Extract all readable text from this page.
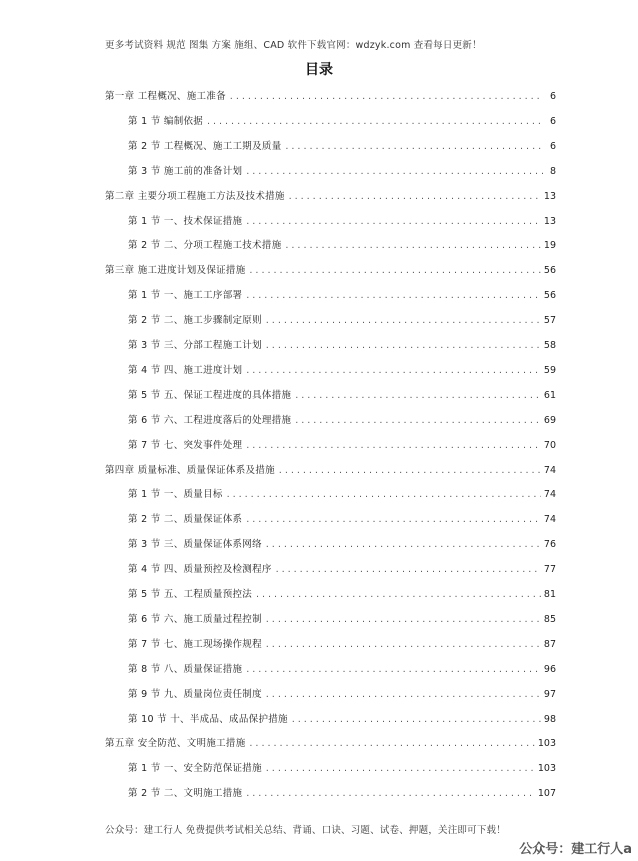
更多考试资料 规范 图集 方案 施组、CAD 软件下载官网：wdzyk.com 查看每日更新！
目录
第一章 工程概况、施工准备 .....	6
第 1 节 编制依据 .....	6
第 2 节 工程概况、施工工期及质量 .....	6
第 3 节 施工前的准备计划 .....	8
第二章 主要分项工程施工方法及技术措施 .....	13
第 1 节 一、技术保证措施 .....	13
第 2 节 二、分项工程施工技术措施 .....	19
第三章 施工进度计划及保证措施 .....	56
第 1 节 一、施工工序部署 .....	56
第 2 节 二、施工步骤制定原则 .....	57
第 3 节 三、分部工程施工计划 .....	58
第 4 节 四、施工进度计划 .....	59
第 5 节 五、保证工程进度的具体措施 .....	61
第 6 节 六、工程进度落后的处理措施 .....	69
第 7 节 七、突发事件处理 .....	70
第四章 质量标准、质量保证体系及措施 .....	74
第 1 节 一、质量目标 .....	74
第 2 节 二、质量保证体系 .....	74
第 3 节 三、质量保证体系网络 .....	76
第 4 节 四、质量预控及检测程序 .....	77
第 5 节 五、工程质量预控法 .....	81
第 6 节 六、施工质量过程控制 .....	85
第 7 节 七、施工现场操作规程 .....	87
第 8 节 八、质量保证措施 .....	96
第 9 节 九、质量岗位责任制度 .....	97
第 10 节 十、半成品、成品保护措施 .....	98
第五章 安全防范、文明施工措施 .....	103
第 1 节 一、安全防范保证措施 .....	103
第 2 节 二、文明施工措施 .....	107
公众号：建工行人 免费提供考试相关总结、背诵、口诀、习题、试卷、押题，关注即可下载！
公众号：建工行人a
